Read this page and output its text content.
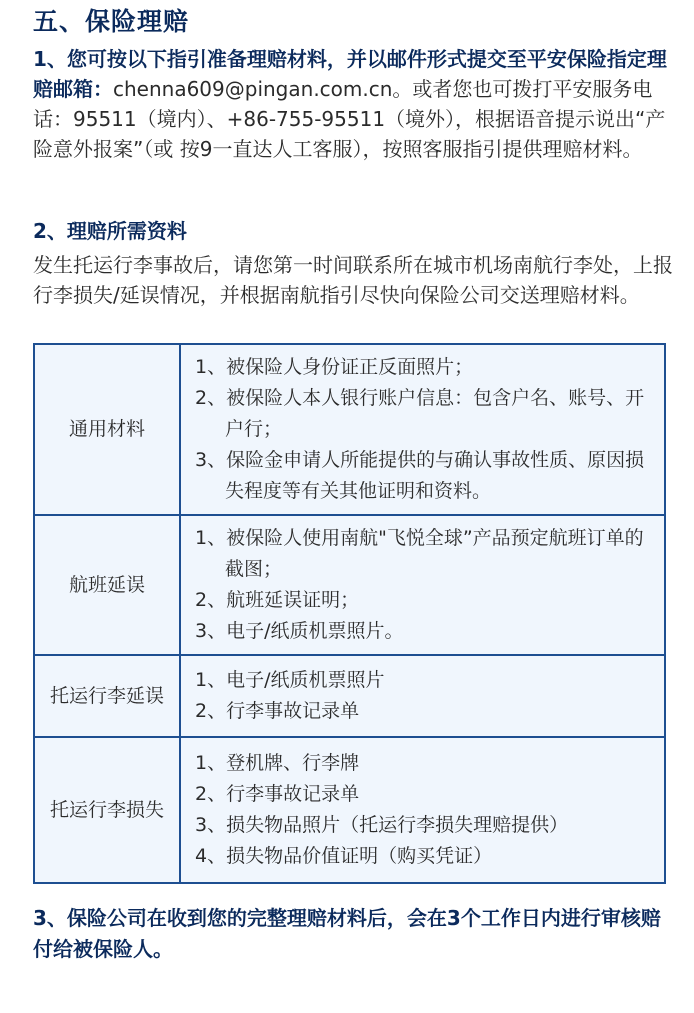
五、保险理赔
1、您可按以下指引准备理赔材料，并以邮件形式提交至平安保险指定理赔邮箱：chenna609@pingan.com.cn。或者您也可拨打平安服务电话：95511（境内）、+86-755-95511（境外），根据语音提示说出“产险意外报案”（或 按9一直达人工客服），按照客服指引提供理赔材料。
2、理赔所需资料
发生托运行李事故后，请您第一时间联系所在城市机场南航行李处，上报行李损失/延误情况，并根据南航指引尽快向保险公司交送理赔材料。
通用材料	1、被保险人身份证正反面照片；
2、被保险人本人银行账户信息：包含户名、账号、开户行；
3、保险金申请人所能提供的与确认事故性质、原因损失程度等有关其他证明和资料。

航班延误	1、被保险人使用南航"飞悦全球”产品预定航班订单的截图；
2、航班延误证明；
3、电子/纸质机票照片。

托运行李延误	1、电子/纸质机票照片
2、行李事故记录单

托运行李损失	1、登机牌、行李牌
2、行李事故记录单
3、损失物品照片（托运行李损失理赔提供）
4、损失物品价值证明（购买凭证）
3、保险公司在收到您的完整理赔材料后，会在3个工作日内进行审核赔付给被保险人。
